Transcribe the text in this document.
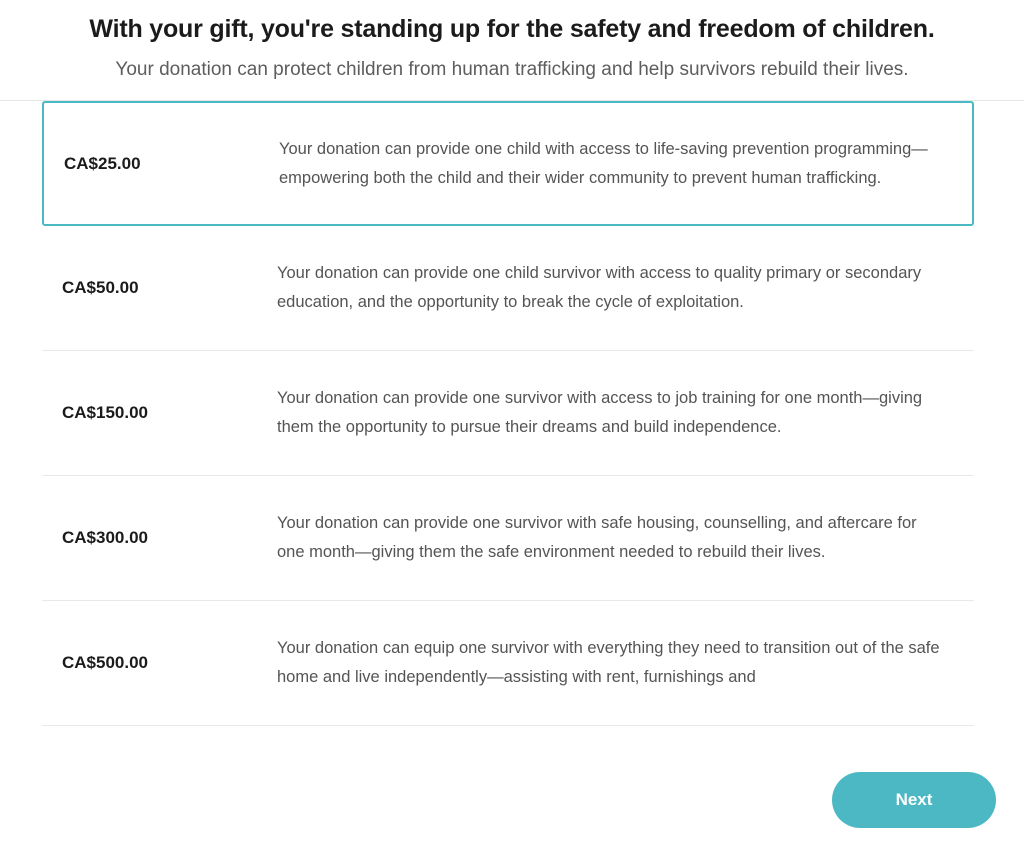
With your gift, you're standing up for the safety and freedom of children.
Your donation can protect children from human trafficking and help survivors rebuild their lives.
CA$25.00
Your donation can provide one child with access to life-saving prevention programming—empowering both the child and their wider community to prevent human trafficking.
CA$50.00
Your donation can provide one child survivor with access to quality primary or secondary education, and the opportunity to break the cycle of exploitation.
CA$150.00
Your donation can provide one survivor with access to job training for one month—giving them the opportunity to pursue their dreams and build independence.
CA$300.00
Your donation can provide one survivor with safe housing, counselling, and aftercare for one month—giving them the safe environment needed to rebuild their lives.
CA$500.00
Your donation can equip one survivor with everything they need to transition out of the safe home and live independently—assisting with rent, furnishings and
Next
